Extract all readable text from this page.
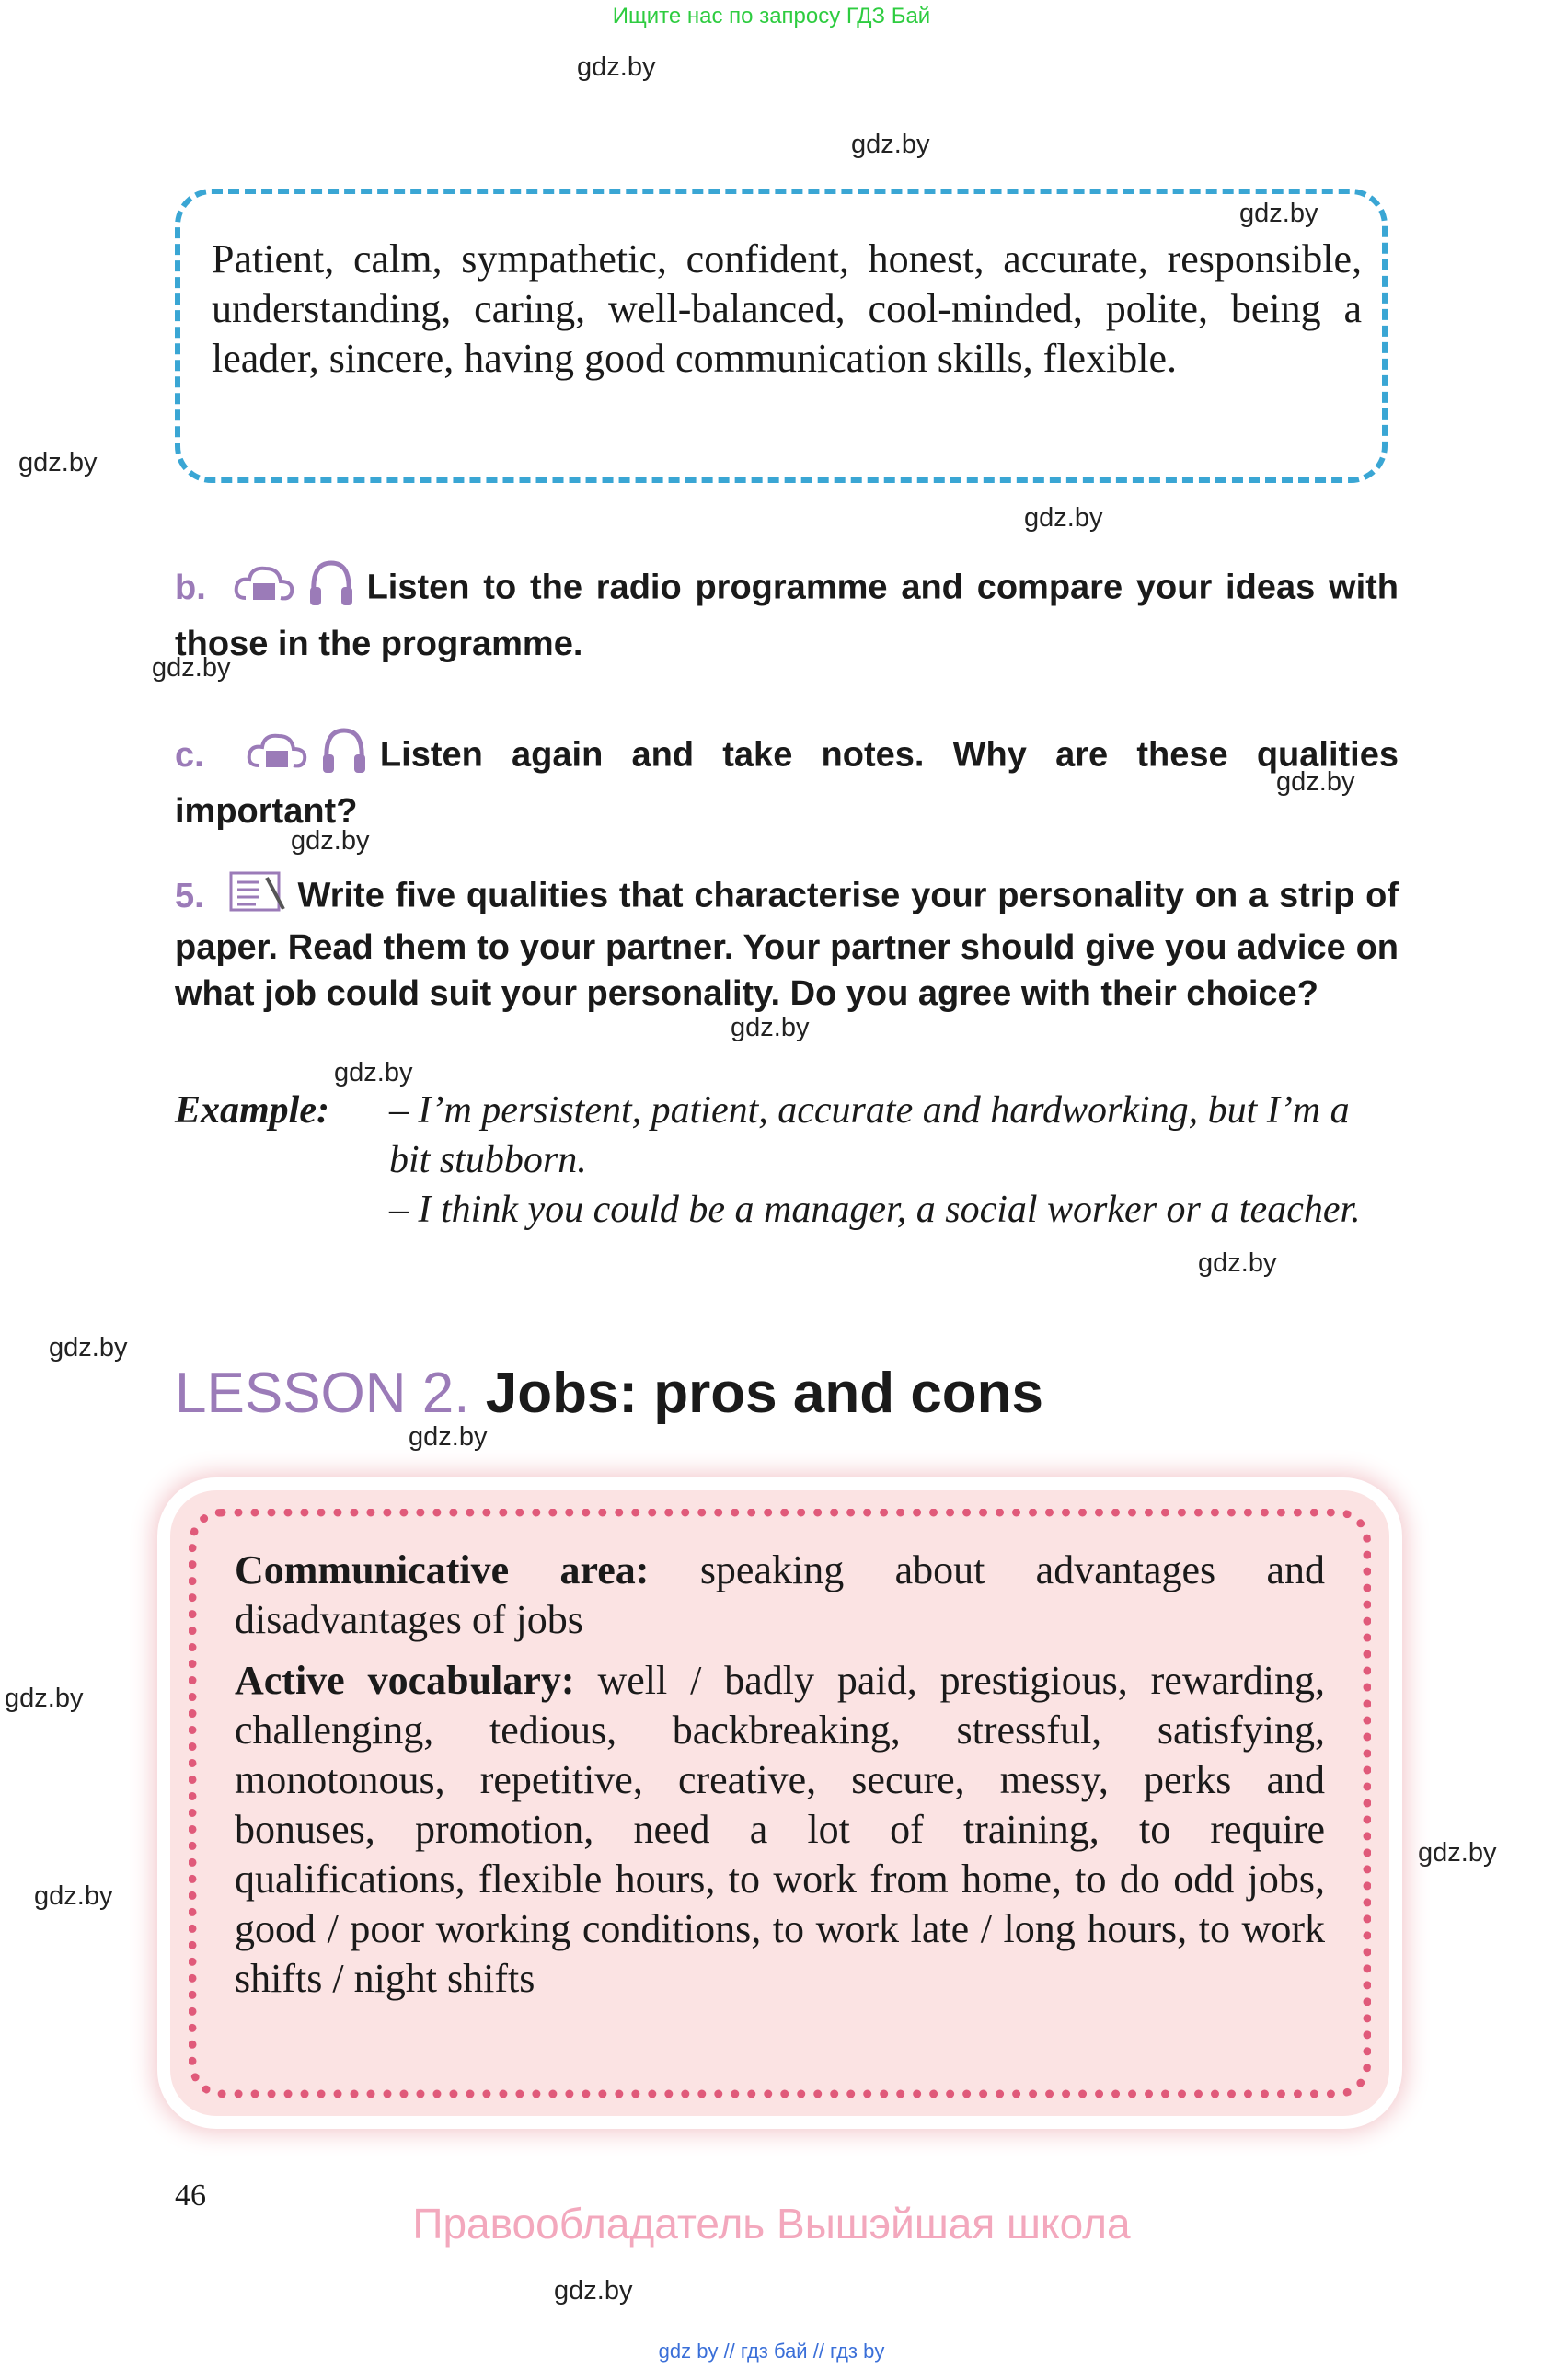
Ищите нас по запросу ГДЗ Бай
gdz.by
gdz.by
gdz.by
gdz.by
gdz.by
gdz.by
gdz.by
gdz.by
gdz.by
gdz.by
gdz.by
gdz.by
gdz.by
gdz.by
gdz.by
gdz.by
gdz.by
Patient, calm, sympathetic, confident, honest, accurate, responsible, understanding, caring, well-balanced, cool-minded, polite, being a leader, sincere, having good communication skills, flexible.
b.	Listen to the radio programme and compare your ideas with those in the programme.
c.	Listen again and take notes. Why are these qualities important?
5.	Write five qualities that characterise your personality on a strip of paper. Read them to your partner. Your partner should give you advice on what job could suit your personality. Do you agree with their choice?
Example: – I’m persistent, patient, accurate and hardworking, but I’m a bit stubborn.
– I think you could be a manager, a social worker or a teacher.
LESSON 2. Jobs: pros and cons

Communicative area: speaking about advantages and disadvantages of jobs

Active vocabulary: well / badly paid, prestigious, rewarding, challenging, tedious, backbreaking, stressful, satisfying, monotonous, repetitive, creative, secure, messy, perks and bonuses, promotion, need a lot of training, to require qualifications, flexible hours, to work from home, to do odd jobs, good / poor working conditions, to work late / long hours, to work shifts / night shifts

46
Правообладатель Вышэйшая школа
gdz by // гдз бай // гдз by
